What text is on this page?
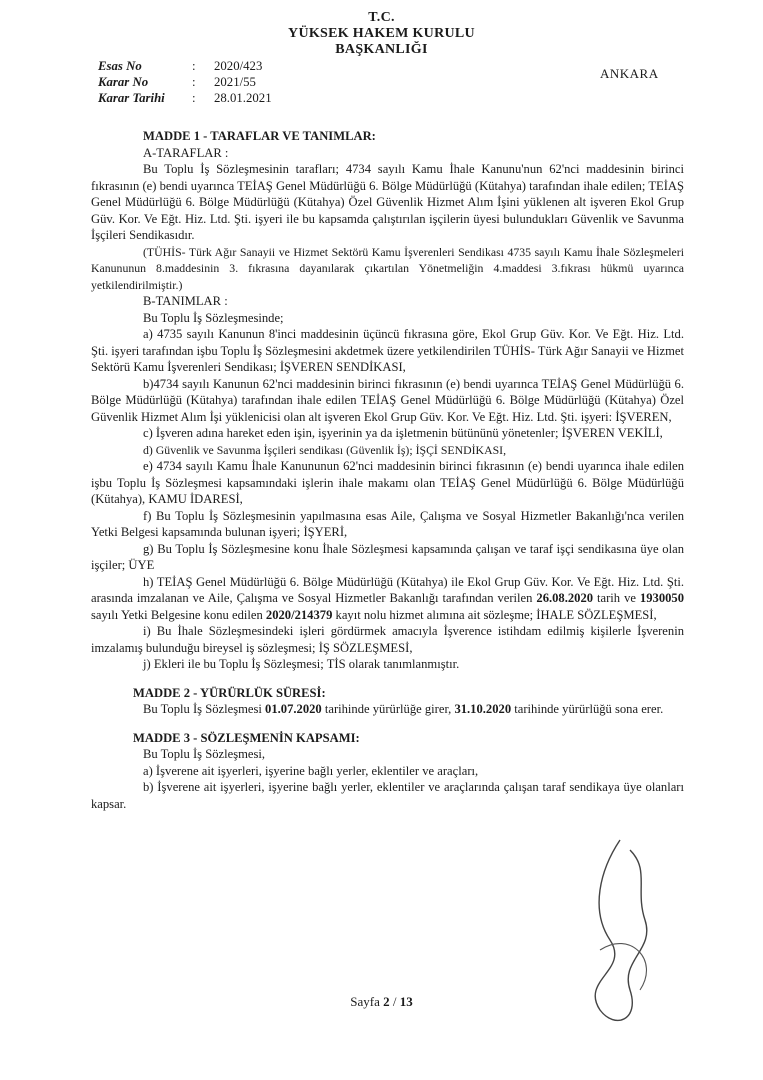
T.C.
YÜKSEK HAKEM KURULU
BAŞKANLIĞI
ANKARA
Esas No	:	2020/423
Karar No	:	2021/55
Karar Tarihi	:	28.01.2021

MADDE 1 - TARAFLAR VE TANIMLAR:

A-TARAFLAR :

Bu Toplu İş Sözleşmesinin tarafları; 4734 sayılı Kamu İhale Kanunu'nun 62'nci maddesinin birinci fıkrasının (e) bendi uyarınca TEİAŞ Genel Müdürlüğü 6. Bölge Müdürlüğü (Kütahya) tarafından ihale edilen; TEİAŞ Genel Müdürlüğü 6. Bölge Müdürlüğü (Kütahya) Özel Güvenlik Hizmet Alım İşini yüklenen alt işveren Ekol Grup Güv. Kor. Ve Eğt. Hiz. Ltd. Şti. işyeri ile bu kapsamda çalıştırılan işçilerin üyesi bulundukları Güvenlik ve Savunma İşçileri Sendikasıdır.

(TÜHİS- Türk Ağır Sanayii ve Hizmet Sektörü Kamu İşverenleri Sendikası 4735 sayılı Kamu İhale Sözleşmeleri Kanununun 8.maddesinin 3. fıkrasına dayanılarak çıkartılan Yönetmeliğin 4.maddesi 3.fıkrası hükmü uyarınca yetkilendirilmiştir.)

B-TANIMLAR :

Bu Toplu İş Sözleşmesinde;

a) 4735 sayılı Kanunun 8'inci maddesinin üçüncü fıkrasına göre, Ekol Grup Güv. Kor. Ve Eğt. Hiz. Ltd. Şti. işyeri tarafından işbu Toplu İş Sözleşmesini akdetmek üzere yetkilendirilen TÜHİS- Türk Ağır Sanayii ve Hizmet Sektörü Kamu İşverenleri Sendikası; İŞVEREN SENDİKASI,

b)4734 sayılı Kanunun 62'nci maddesinin birinci fıkrasının (e) bendi uyarınca TEİAŞ Genel Müdürlüğü 6. Bölge Müdürlüğü (Kütahya) tarafından ihale edilen TEİAŞ Genel Müdürlüğü 6. Bölge Müdürlüğü (Kütahya) Özel Güvenlik Hizmet Alım İşi yüklenicisi olan alt işveren Ekol Grup Güv. Kor. Ve Eğt. Hiz. Ltd. Şti. işyeri: İŞVEREN,

c) İşveren adına hareket eden işin, işyerinin ya da işletmenin bütününü yönetenler; İŞVEREN VEKİLİ,

d) Güvenlik ve Savunma İşçileri sendikası (Güvenlik İş); İŞÇİ SENDİKASI,

e) 4734 sayılı Kamu İhale Kanununun 62'nci maddesinin birinci fıkrasının (e) bendi uyarınca ihale edilen işbu Toplu İş Sözleşmesi kapsamındaki işlerin ihale makamı olan TEİAŞ Genel Müdürlüğü 6. Bölge Müdürlüğü (Kütahya), KAMU İDARESİ,

f) Bu Toplu İş Sözleşmesinin yapılmasına esas Aile, Çalışma ve Sosyal Hizmetler Bakanlığı'nca verilen Yetki Belgesi kapsamında bulunan işyeri; İŞYERİ,

g) Bu Toplu İş Sözleşmesine konu İhale Sözleşmesi kapsamında çalışan ve taraf işçi sendikasına üye olan işçiler; ÜYE

h) TEİAŞ Genel Müdürlüğü 6. Bölge Müdürlüğü (Kütahya) ile Ekol Grup Güv. Kor. Ve Eğt. Hiz. Ltd. Şti. arasında imzalanan ve Aile, Çalışma ve Sosyal Hizmetler Bakanlığı tarafından verilen 26.08.2020 tarih ve 1930050 sayılı Yetki Belgesine konu edilen 2020/214379 kayıt nolu hizmet alımına ait sözleşme; İHALE SÖZLEŞMESİ,

i) Bu İhale Sözleşmesindeki işleri gördürmek amacıyla İşverence istihdam edilmiş kişilerle İşverenin imzalamış bulunduğu bireysel iş sözleşmesi; İŞ SÖZLEŞMESİ,

j) Ekleri ile bu Toplu İş Sözleşmesi; TİS olarak tanımlanmıştır.

MADDE 2 - YÜRÜRLÜK SÜRESİ:

Bu Toplu İş Sözleşmesi 01.07.2020 tarihinde yürürlüğe girer, 31.10.2020 tarihinde yürürlüğü sona erer.

MADDE 3 - SÖZLEŞMENİN KAPSAMI:

Bu Toplu İş Sözleşmesi,

a) İşverene ait işyerleri, işyerine bağlı yerler, eklentiler ve araçları,

b) İşverene ait işyerleri, işyerine bağlı yerler, eklentiler ve araçlarında çalışan taraf sendikaya üye olanları kapsar.

Sayfa 2 / 13
